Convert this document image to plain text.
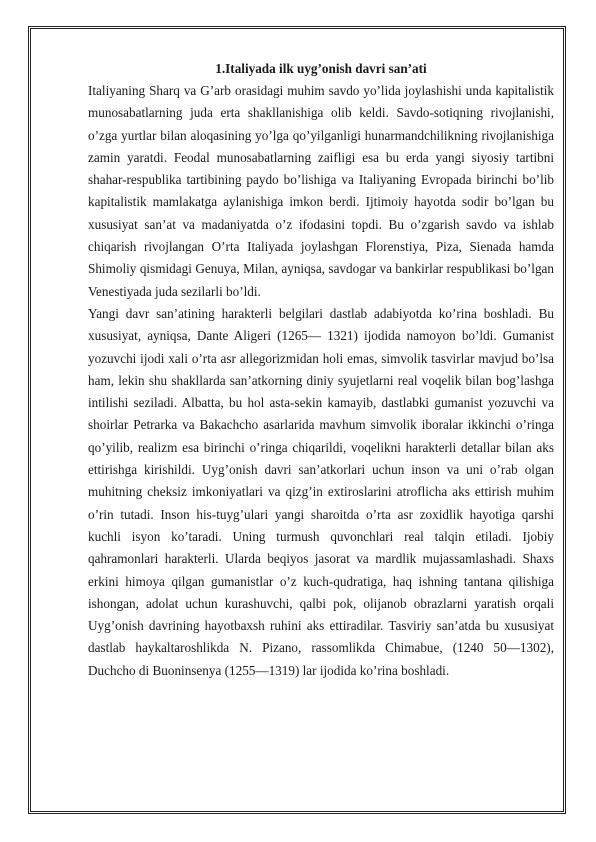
1.Italiyada ilk uyg’onish davri san’ati

Italiyaning Sharq va G’arb orasidagi muhim savdo yo’lida joylashishi unda kapitalistik munosabatlarning juda erta shakllanishiga olib keldi. Savdo-sotiqning rivojlanishi, o’zga yurtlar bilan aloqasining yo’lga qo’yilganligi hunarmandchilikning rivojlanishiga zamin yaratdi. Feodal munosabatlarning zaifligi esa bu erda yangi siyosiy tartibni shahar-respublika tartibining paydo bo’lishiga va Italiyaning Evropada birinchi bo’lib kapitalistik mamlakatga aylanishiga imkon berdi. Ijtimoiy hayotda sodir bo’lgan bu xususiyat san’at va madaniyatda o’z ifodasini topdi. Bu o’zgarish savdo va ishlab chiqarish rivojlangan O’rta Italiyada joylashgan Florenstiya, Piza, Sienada hamda Shimoliy qismidagi Genuya, Milan, ayniqsa, savdogar va bankirlar respublikasi bo’lgan Venestiyada juda sezilarli bo’ldi.

Yangi davr san’atining harakterli belgilari dastlab adabiyotda ko’rina boshladi. Bu xususiyat, ayniqsa, Dante Aligeri (1265— 1321) ijodida namoyon bo’ldi. Gumanist yozuvchi ijodi xali o’rta asr allegorizmidan holi emas, simvolik tasvirlar mavjud bo’lsa ham, lekin shu shakllarda san’atkorning diniy syujetlarni real voqelik bilan bog’lashga intilishi seziladi. Albatta, bu hol asta-sekin kamayib, dastlabki gumanist yozuvchi va shoirlar Petrarka va Bakachcho asarlarida mavhum simvolik iboralar ikkinchi o’ringa qo’yilib, realizm esa birinchi o’ringa chiqarildi, voqelikni harakterli detallar bilan aks ettirishga kirishildi. Uyg’onish davri san’atkorlari uchun inson va uni o’rab olgan muhitning cheksiz imkoniyatlari va qizg’in extiroslarini atroflicha aks ettirish muhim o’rin tutadi. Inson his-tuyg’ulari yangi sharoitda o’rta asr zoxidlik hayotiga qarshi kuchli isyon ko’taradi. Uning turmush quvonchlari real talqin etiladi. Ijobiy qahramonlari harakterli. Ularda beqiyos jasorat va mardlik mujassamlashadi. Shaxs erkini himoya qilgan gumanistlar o’z kuch-qudratiga, haq ishning tantana qilishiga ishongan, adolat uchun kurashuvchi, qalbi pok, olijanob obrazlarni yaratish orqali Uyg’onish davrining hayotbaxsh ruhini aks ettiradilar. Tasviriy san’atda bu xususiyat dastlab haykaltaroshlikda N. Pizano, rassomlikda Chimabue, (1240 50—1302), Duchcho di Buoninsenya (1255—1319) lar ijodida ko’rina boshladi.
